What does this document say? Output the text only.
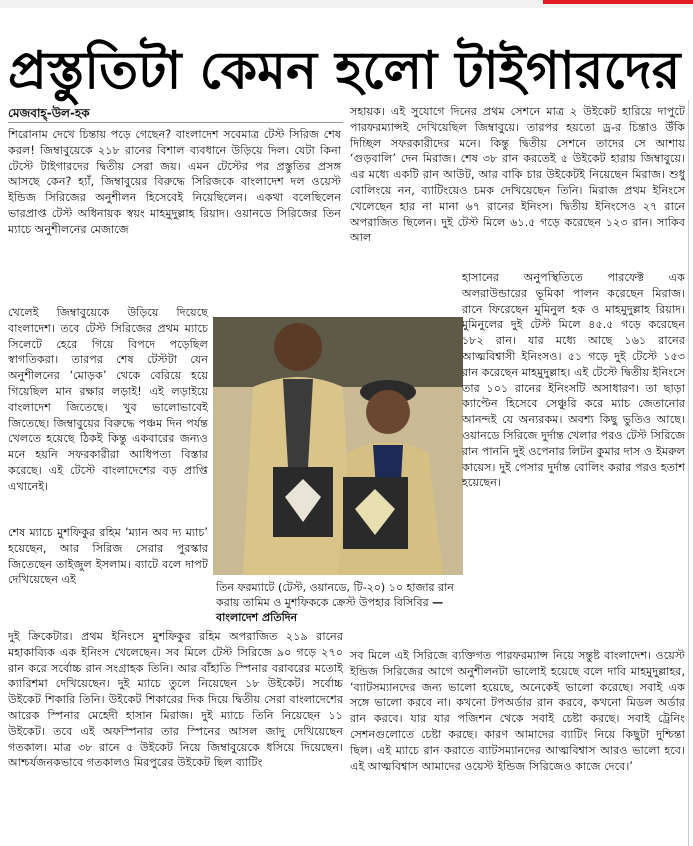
প্রস্তুতিটা কেমন হলো টাইগারদের
মেজবাহ্-উল-হক

শিরোনাম দেখে চিন্তায় পড়ে গেছেন? বাংলাদেশ সবেমাত্র টেস্ট সিরিজ শেষ করল! জিম্বাবুয়েকে ২১৮ রানের বিশাল ব্যবধানে উড়িয়ে দিল। যেটা কিনা টেস্টে টাইগারদের দ্বিতীয় সেরা জয়। এমন টেস্টের পর প্রস্তুতির প্রসঙ্গ আসছে কেন? হ্যাঁ, জিম্বাবুয়ের বিরুদ্ধে সিরিজকে বাংলাদেশ দল ওয়েস্ট ইন্ডিজ সিরিজের অনুশীলন হিসেবেই নিয়েছিলেন। একথা বলেছিলেন ভারপ্রাপ্ত টেস্ট অধিনায়ক স্বয়ং মাহমুদুল্লাহ রিয়াদ। ওয়ানডে সিরিজের তিন ম্যাচে অনুশীলনের মেজাজে

খেলেই জিম্বাবুয়েকে উড়িয়ে দিয়েছে বাংলাদেশ। তবে টেস্ট সিরিজের প্রথম ম্যাচে সিলেটে হেরে গিয়ে বিপদে পড়েছিল স্বাগতিকরা। তারপর শেষ টেস্টটা যেন অনুশীলনের ‘মোড়ক’ থেকে বেরিয়ে হয়ে গিয়েছিল মান রক্ষার লড়াই! এই লড়াইয়ে বাংলাদেশ জিতেছে। খুব ভালোভাবেই জিতেছে। জিম্বাবুয়ের বিরুদ্ধে পঞ্চম দিন পর্যন্ত খেলতে হয়েছে ঠিকই কিন্তু একবারের জন্যও মনে হয়নি সফরকারীরা আধিপত্য বিস্তার করেছে। এই টেস্টে বাংলাদেশের বড় প্রাপ্তি এখানেই।

শেষ ম্যাচে মুশফিকুর রহিম ‘ম্যান অব দ্য ম্যাচ’ হয়েছেন, আর সিরিজ সেরার পুরস্কার জিতেছেন তাইজুল ইসলাম। ব্যাটে বলে দাপট দেখিয়েছেন এই

দুই ক্রিকেটার। প্রথম ইনিংসে মুশফিকুর রহিম অপরাজিত ২১৯ রানের মহাকাব্যিক এক ইনিংস খেলেছেন। সব মিলে টেস্ট সিরিজে ৯০ গড়ে ২৭০ রান করে সর্বোচ্চ রান সংগ্রাহক তিনি। আর বাঁহাতি স্পিনার বরাবরের মতোই ক্যারিশমা দেখিয়েছেন। দুই ম্যাচে তুলে নিয়েছেন ১৮ উইকেট। সর্বোচ্চ উইকেট শিকারি তিনি। উইকেট শিকারের দিক দিয়ে দ্বিতীয় সেরা বাংলাদেশের আরেক স্পিনার মেহেদী হাসান মিরাজ। দুই ম্যাচে তিনি নিয়েছেন ১১ উইকেট। তবে এই অফস্পিনার তার স্পিনের আসল জাদু দেখিয়েছেন গতকাল। মাত্র ৩৮ রানে ৫ উইকেট নিয়ে জিম্বাবুয়েকে ধসিয়ে দিয়েছেন। আশ্চর্যজনকভাবে গতকালও মিরপুরের উইকেট ছিল ব্যাটিং

তিন ফরম্যাটে (টেস্ট, ওয়ানডে, টি-২০) ১০ হাজার রান করায় তামিম ও মুশফিককে ক্রেস্ট উপহার বিসিবির —বাংলাদেশ প্রতিদিন

সহায়ক। এই সুযোগে দিনের প্রথম সেশনে মাত্র ২ উইকেট হারিয়ে দাপুটে পারফরম্যান্সই দেখিয়েছিল জিম্বাবুয়ে। তারপর হয়তো ড্র-র চিন্তাও উঁকি দিচ্ছিল সফরকারীদের মনে। কিন্তু দ্বিতীয় সেশনে তাদের সে আশায় ‘গুড়বালি’ দেন মিরাজ। শেষ ৩৮ রান করতেই ৫ উইকেট হারায় জিম্বাবুয়ে। এর মধ্যে একটি রান আউট, আর বাকি চার উইকেটই নিয়েছেন মিরাজ। শুধু বোলিংয়ে নন, ব্যাটিংয়েও চমক দেখিয়েছেন তিনি। মিরাজ প্রথম ইনিংসে খেলেছেন হার না মানা ৬৭ রানের ইনিংস। দ্বিতীয় ইনিংসেও ২৭ রানে অপরাজিত ছিলেন। দুই টেস্ট মিলে ৬১.৫ গড়ে করেছেন ১২৩ রান। সাকিব আল

হাসানের অনুপস্থিতিতে পারফেক্ট এক অলরাউন্ডারের ভূমিকা পালন করেছেন মিরাজ। রানে ফিরেছেন মুমিনুল হক ও মাহমুদুল্লাহ রিয়াদ। মুমিনুলের দুই টেস্ট মিলে ৪৫.৫ গড়ে করেছেন ১৮২ রান। যার মধ্যে আছে ১৬১ রানের আত্মবিশ্বাসী ইনিংসও। ৫১ গড়ে দুই টেস্টে ১৫৩ রান করেছেন মাহমুদুল্লাহ। এই টেস্টে দ্বিতীয় ইনিংসে তার ১০১ রানের ইনিংসটি অসাধারণ। তা ছাড়া ক্যাপ্টেন হিসেবে সেঞ্চুরি করে ম্যাচ জেতানোর আনন্দই যে অন্যরকম। অবশ্য কিছু ভুতিও আছে। ওয়ানডে সিরিজে দুর্দান্ত খেলার পরও টেস্ট সিরিজে রান পাননি দুই ওপেনার লিটন কুমার দাস ও ইমরুল কায়েস। দুই পেসার দুর্দান্ত বোলিং করার পরও হতাশ হয়েছেন।

সব মিলে এই সিরিজে ব্যক্তিগত পারফরম্যান্স নিয়ে সন্তুষ্ট বাংলাদেশ। ওয়েস্ট ইন্ডিজ সিরিজের আগে অনুশীলনটা ভালোই হয়েছে বলে দাবি মাহমুদুল্লাহর, ‘ব্যাটসম্যানদের জন্য ভালো হয়েছে, অনেকেই ভালো করেছে। সবাই এক সঙ্গে ভালো করবে না। কখনো টপঅর্ডার রান করবে, কখনো মিডল অর্ডার রান করবে। যার যার পজিশন থেকে সবাই চেষ্টা করছে। সবাই ট্রেনিং সেশনগুলোতে চেষ্টা করছে। কারণ আমাদের ব্যাটিং নিয়ে কিছুটা দুশ্চিন্তা ছিল। এই ম্যাচে রান করাতে ব্যাটসম্যানদের আত্মবিশ্বাস আরও ভালো হবে। এই আত্মবিশ্বাস আমাদের ওয়েস্ট ইন্ডিজ সিরিজেও কাজে দেবে।’
